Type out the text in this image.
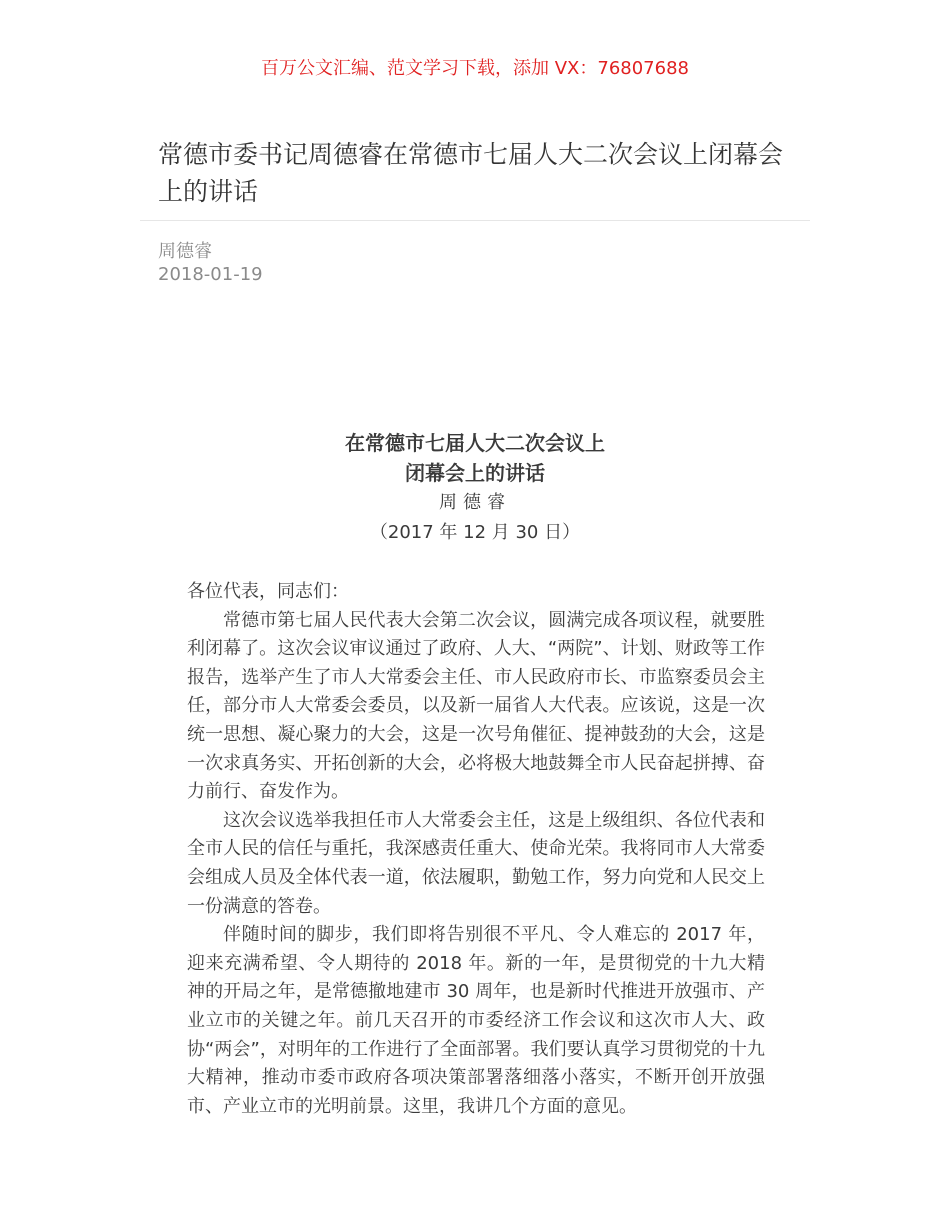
百万公文汇编、范文学习下载，添加 VX：76807688
常德市委书记周德睿在常德市七届人大二次会议上闭幕会上的讲话
周德睿
2018-01-19
在常德市七届人大二次会议上
闭幕会上的讲话
周德睿
（2017 年 12 月 30 日）

各位代表，同志们：

常德市第七届人民代表大会第二次会议，圆满完成各项议程，就要胜利闭幕了。这次会议审议通过了政府、人大、“两院”、计划、财政等工作报告，选举产生了市人大常委会主任、市人民政府市长、市监察委员会主任，部分市人大常委会委员，以及新一届省人大代表。应该说，这是一次统一思想、凝心聚力的大会，这是一次号角催征、提神鼓劲的大会，这是一次求真务实、开拓创新的大会，必将极大地鼓舞全市人民奋起拼搏、奋力前行、奋发作为。

这次会议选举我担任市人大常委会主任，这是上级组织、各位代表和全市人民的信任与重托，我深感责任重大、使命光荣。我将同市人大常委会组成人员及全体代表一道，依法履职，勤勉工作，努力向党和人民交上一份满意的答卷。

伴随时间的脚步，我们即将告别很不平凡、令人难忘的 2017 年，迎来充满希望、令人期待的 2018 年。新的一年，是贯彻党的十九大精神的开局之年，是常德撤地建市 30 周年，也是新时代推进开放强市、产业立市的关键之年。前几天召开的市委经济工作会议和这次市人大、政协“两会”，对明年的工作进行了全面部署。我们要认真学习贯彻党的十九大精神，推动市委市政府各项决策部署落细落小落实，不断开创开放强市、产业立市的光明前景。这里，我讲几个方面的意见。
